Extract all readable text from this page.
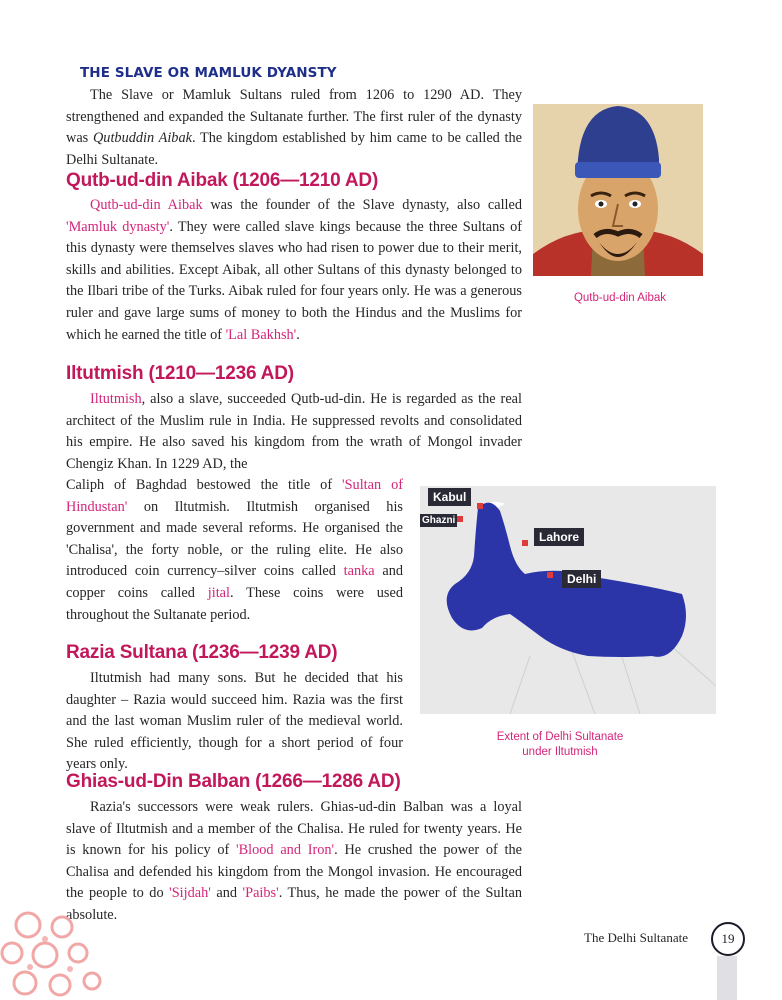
THE SLAVE OR MAMLUK DYANSTY

The Slave or Mamluk Sultans ruled from 1206 to 1290 AD. They strengthened and expanded the Sultanate further. The first ruler of the dynasty was Qutbuddin Aibak. The kingdom established by him came to be called the Delhi Sultanate.

Qutb-ud-din Aibak (1206—1210 AD)

Qutb-ud-din Aibak was the founder of the Slave dynasty, also called 'Mamluk dynasty'. They were called slave kings because the three Sultans of this dynasty were themselves slaves who had risen to power due to their merit, skills and abilities. Except Aibak, all other Sultans of this dynasty belonged to the Ilbari tribe of the Turks. Aibak ruled for four years only. He was a generous ruler and gave large sums of money to both the Hindus and the Muslims for which he earned the title of 'Lal Bakhsh'.

Qutb-ud-din Aibak

Iltutmish (1210—1236 AD)

Iltutmish, also a slave, succeeded Qutb-ud-din. He is regarded as the real architect of the Muslim rule in India. He suppressed revolts and consolidated his empire. He also saved his kingdom from the wrath of Mongol invader Chengiz Khan. In 1229 AD, the

Caliph of Baghdad bestowed the title of 'Sultan of Hindustan' on Iltutmish. Iltutmish organised his government and made several reforms. He organised the 'Chalisa', the forty noble, or the ruling elite. He also introduced coin currency–silver coins called tanka and copper coins called jital. These coins were used throughout the Sultanate period.

Kabul
Ghazni
Lahore
Delhi

Extent of Delhi Sultanate
under Iltutmish

Razia Sultana (1236—1239 AD)

Iltutmish had many sons. But he decided that his daughter – Razia would succeed him. Razia was the first and the last woman Muslim ruler of the medieval world. She ruled efficiently, though for a short period of four years only.

Ghias-ud-Din Balban (1266—1286 AD)

Razia's successors were weak rulers. Ghias-ud-din Balban was a loyal slave of Iltutmish and a member of the Chalisa. He ruled for twenty years. He is known for his policy of 'Blood and Iron'. He crushed the power of the Chalisa and defended his kingdom from the Mongol invasion. He encouraged the people to do 'Sijdah' and 'Paibs'. Thus, he made the power of the Sultan absolute.

The Delhi Sultanate	19
